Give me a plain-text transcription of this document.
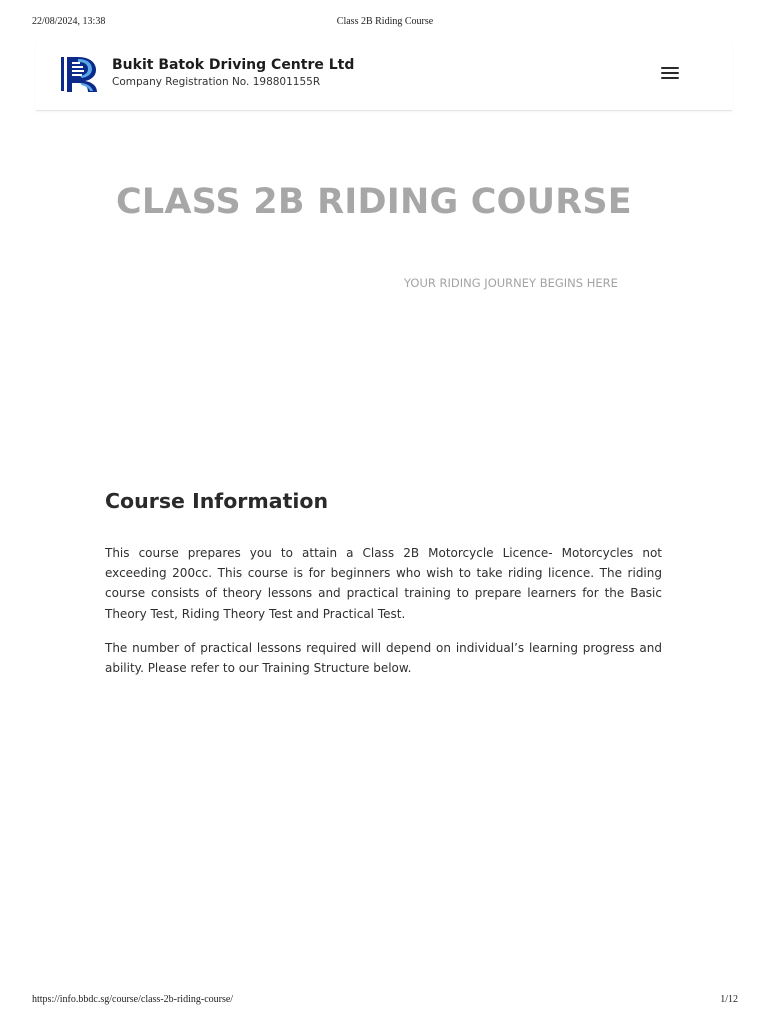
22/08/2024, 13:38	Class 2B Riding Course
Bukit Batok Driving Centre Ltd
Company Registration No. 198801155R
CLASS 2B RIDING COURSE
YOUR RIDING JOURNEY BEGINS HERE
Course Information

This course prepares you to attain a Class 2B Motorcycle Licence- Motorcycles not exceeding 200cc. This course is for beginners who wish to take riding licence. The riding course consists of theory lessons and practical training to prepare learners for the Basic Theory Test, Riding Theory Test and Practical Test.

The number of practical lessons required will depend on individual’s learning progress and ability. Please refer to our Training Structure below.

https://info.bbdc.sg/course/class-2b-riding-course/	1/12
